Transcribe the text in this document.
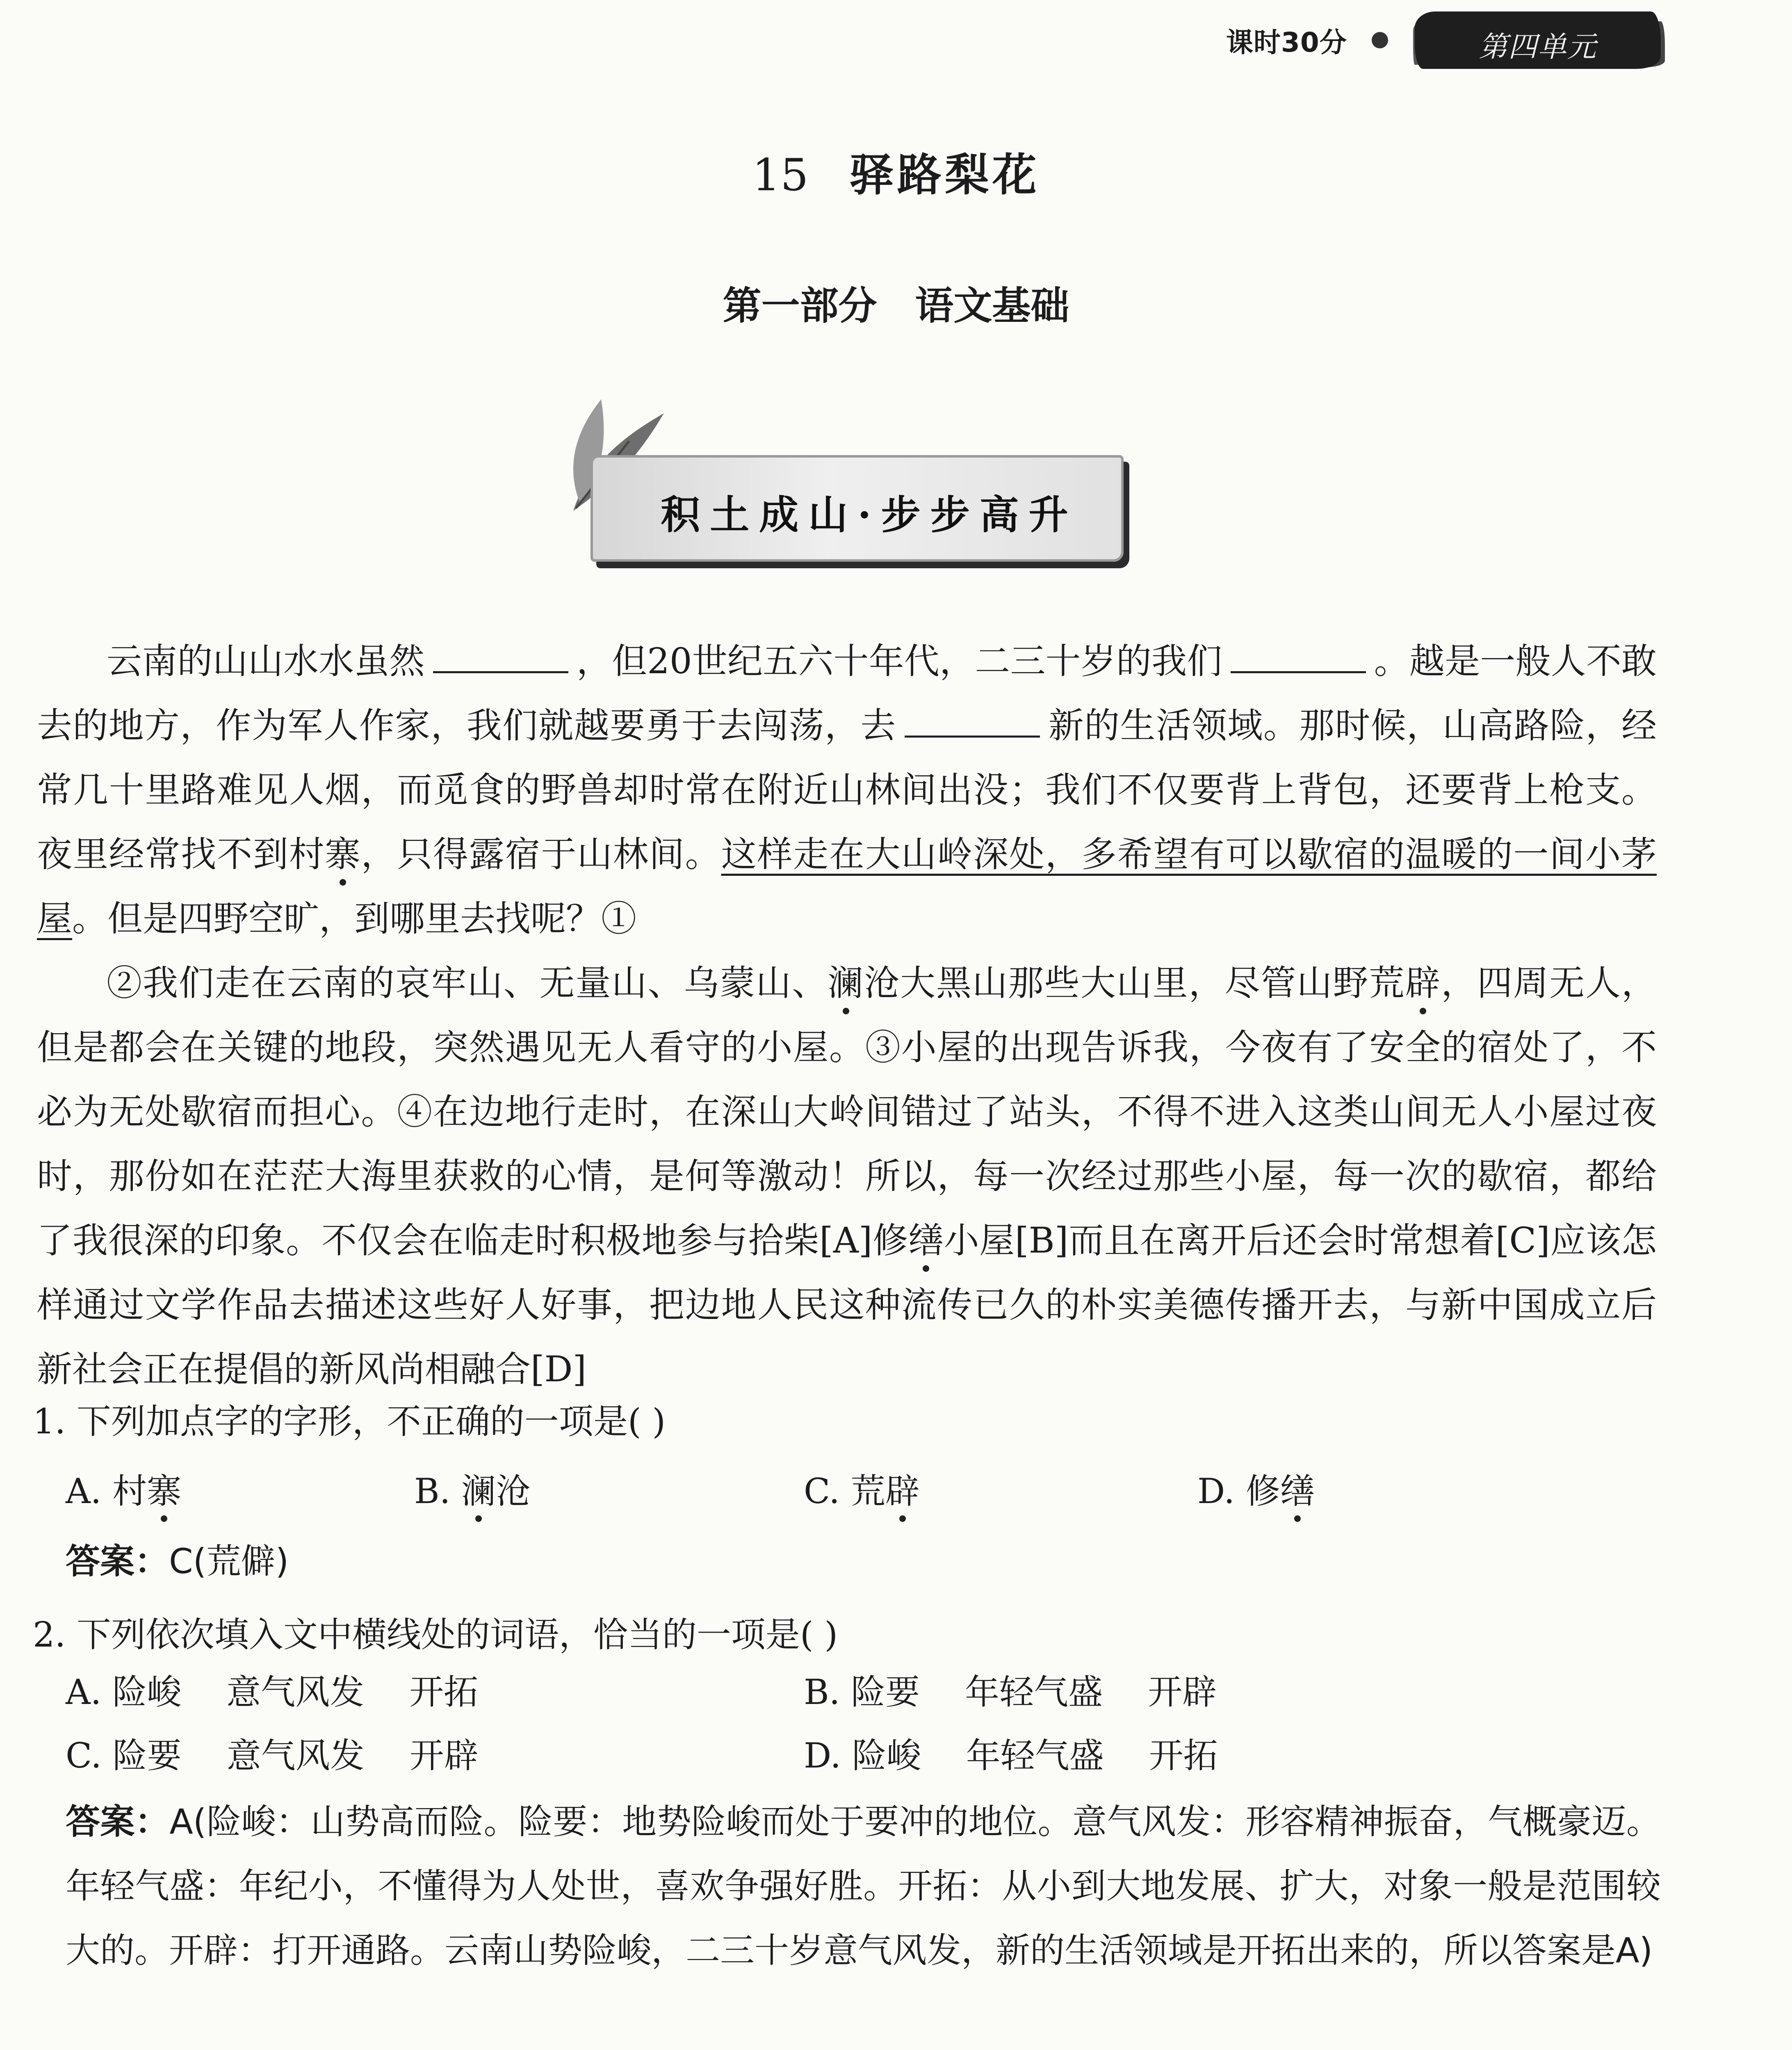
课时30分	第四单元
15 驿路梨花
第一部分 语文基础
积土成山·步步高升

云南的山山水水虽然	，但20世纪五六十年代，二三十岁的我们	。越是一般人不敢去的地方，作为军人作家，我们就越要勇于去闯荡，去	新的生活领域。那时候，山高路险，经常几十里路难见人烟，而觅食的野兽却时常在附近山林间出没；我们不仅要背上背包，还要背上枪支。夜里经常找不到村寨，只得露宿于山林间。这样走在大山岭深处，多希望有可以歇宿的温暖的一间小茅屋。但是四野空旷，到哪里去找呢？①

②我们走在云南的哀牢山、无量山、乌蒙山、澜沧大黑山那些大山里，尽管山野荒辟，四周无人，但是都会在关键的地段，突然遇见无人看守的小屋。③小屋的出现告诉我，今夜有了安全的宿处了，不必为无处歇宿而担心。④在边地行走时，在深山大岭间错过了站头，不得不进入这类山间无人小屋过夜时，那份如在茫茫大海里获救的心情，是何等激动！所以，每一次经过那些小屋，每一次的歇宿，都给了我很深的印象。不仅会在临走时积极地参与拾柴[A]修缮小屋[B]而且在离开后还会时常想着[C]应该怎样通过文学作品去描述这些好人好事，把边地人民这种流传已久的朴实美德传播开去，与新中国成立后新社会正在提倡的新风尚相融合[D]

1. 下列加点字的字形，不正确的一项是( )

A. 村寨	B. 澜沧	C. 荒辟	D. 修缮

答案：C(荒僻)

2. 下列依次填入文中横线处的词语，恰当的一项是( )

A. 险峻 意气风发 开拓	B. 险要 年轻气盛 开辟
C. 险要 意气风发 开辟	D. 险峻 年轻气盛 开拓

答案：A(险峻：山势高而险。险要：地势险峻而处于要冲的地位。意气风发：形容精神振奋，气概豪迈。年轻气盛：年纪小，不懂得为人处世，喜欢争强好胜。开拓：从小到大地发展、扩大，对象一般是范围较大的。开辟：打开通路。云南山势险峻，二三十岁意气风发，新的生活领域是开拓出来的，所以答案是A)
